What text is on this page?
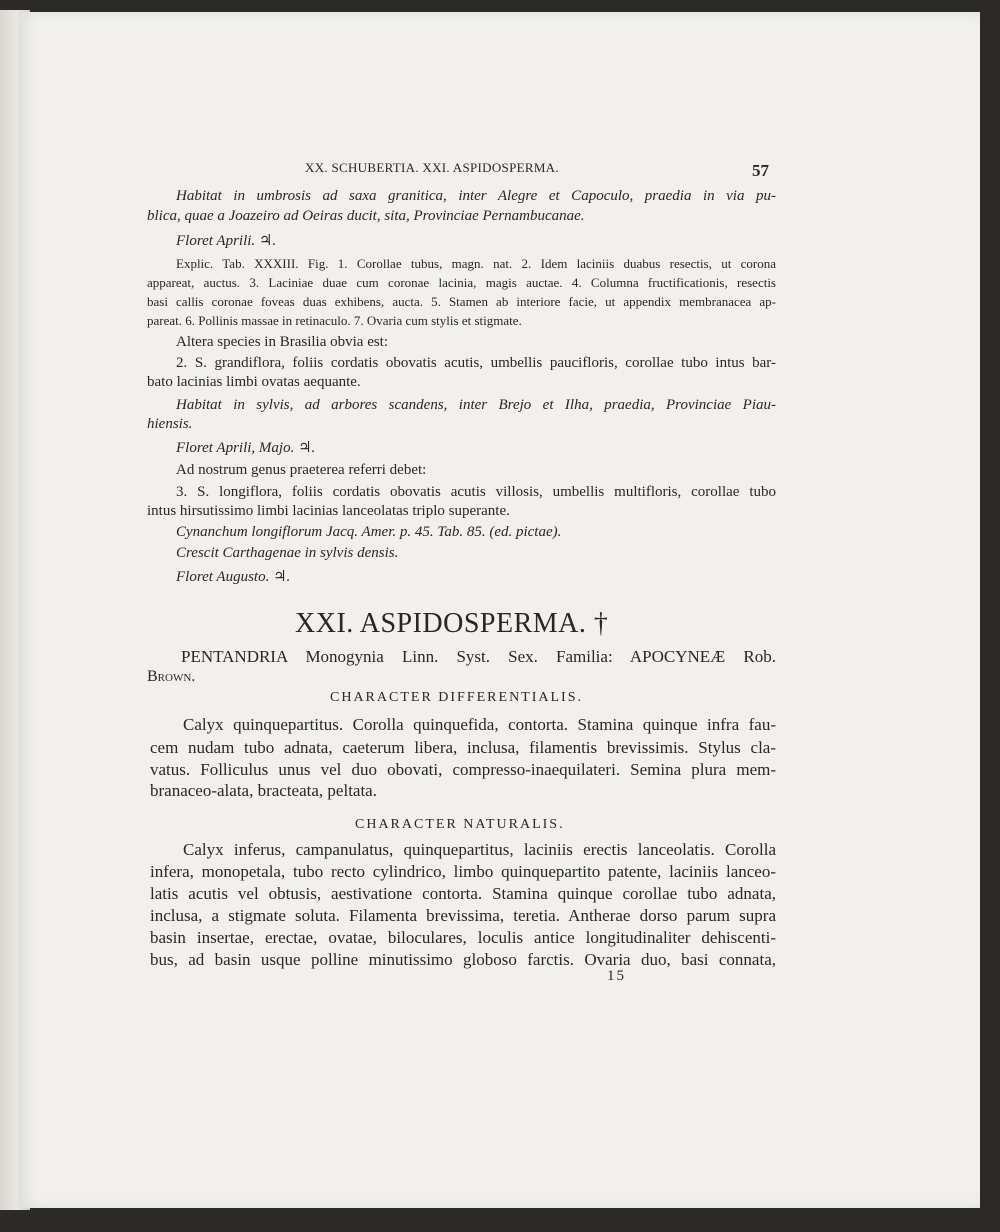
XX. SCHUBERTIA. XXI. ASPIDOSPERMA.	57
Habitat in umbrosis ad saxa granitica, inter Alegre et Capoculo, praedia in via pu-
blica, quae a Joazeiro ad Oeiras ducit, sita, Provinciae Pernambucanae.
Floret Aprili. ♃.
Explic. Tab. XXXIII. Fig. 1. Corollae tubus, magn. nat. 2. Idem laciniis duabus resectis, ut corona
appareat, auctus. 3. Laciniae duae cum coronae lacinia, magis auctae. 4. Columna fructificationis, resectis
basi callis coronae foveas duas exhibens, aucta. 5. Stamen ab interiore facie, ut appendix membranacea ap-
pareat. 6. Pollinis massae in retinaculo. 7. Ovaria cum stylis et stigmate.
Altera species in Brasilia obvia est:
2. S. grandiflora, foliis cordatis obovatis acutis, umbellis paucifloris, corollae tubo intus bar-
bato lacinias limbi ovatas aequante.
Habitat in sylvis, ad arbores scandens, inter Brejo et Ilha, praedia, Provinciae Piau-
hiensis.
Floret Aprili, Majo. ♃.
Ad nostrum genus praeterea referri debet:
3. S. longiflora, foliis cordatis obovatis acutis villosis, umbellis multifloris, corollae tubo
intus hirsutissimo limbi lacinias lanceolatas triplo superante.
Cynanchum longiflorum Jacq. Amer. p. 45. Tab. 85. (ed. pictae).
Crescit Carthagenae in sylvis densis.
Floret Augusto. ♃.
XXI. ASPIDOSPERMA. †
PENTANDRIA Monogynia Linn. Syst. Sex. Familia: APOCYNEÆ Rob.
Brown.
CHARACTER DIFFERENTIALIS.
Calyx quinquepartitus. Corolla quinquefida, contorta. Stamina quinque infra fau-
cem nudam tubo adnata, caeterum libera, inclusa, filamentis brevissimis. Stylus cla-
vatus. Folliculus unus vel duo obovati, compresso-inaequilateri. Semina plura mem-
branaceo-alata, bracteata, peltata.
CHARACTER NATURALIS.
Calyx inferus, campanulatus, quinquepartitus, laciniis erectis lanceolatis. Corolla
infera, monopetala, tubo recto cylindrico, limbo quinquepartito patente, laciniis lanceo-
latis acutis vel obtusis, aestivatione contorta. Stamina quinque corollae tubo adnata,
inclusa, a stigmate soluta. Filamenta brevissima, teretia. Antherae dorso parum supra
basin insertae, erectae, ovatae, biloculares, loculis antice longitudinaliter dehiscenti-
bus, ad basin usque polline minutissimo globoso farctis. Ovaria duo, basi connata,
15
